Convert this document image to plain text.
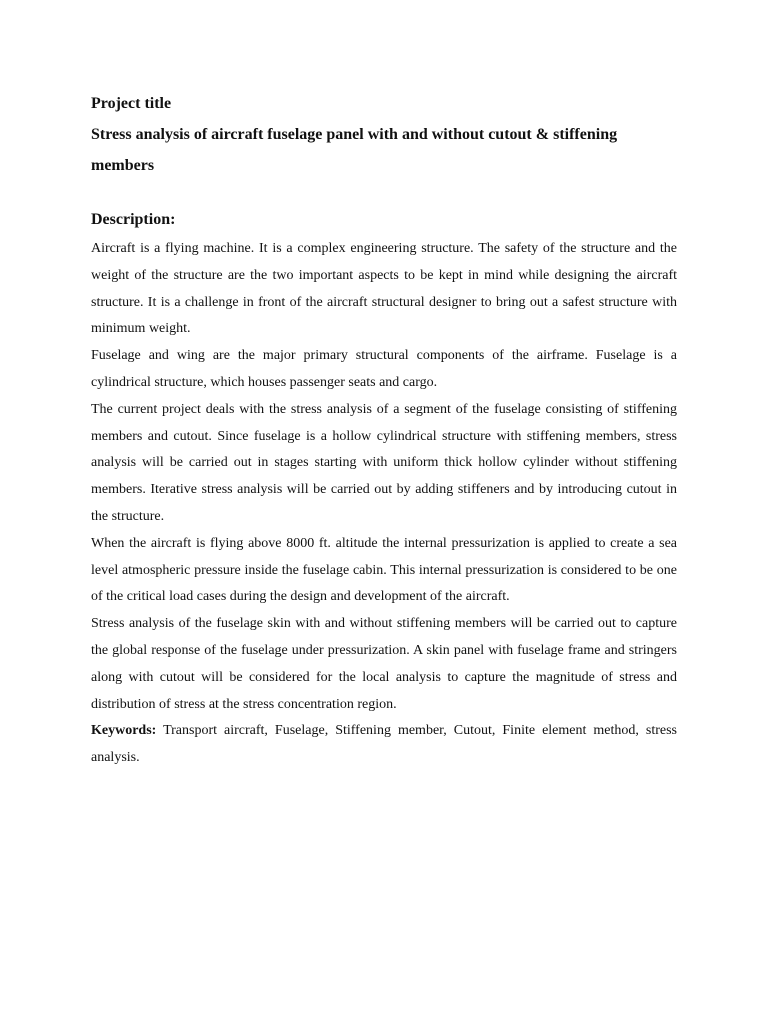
Project title

Stress analysis of aircraft fuselage panel with and without cutout & stiffening members

Description:

Aircraft is a flying machine. It is a complex engineering structure. The safety of the structure and the weight of the structure are the two important aspects to be kept in mind while designing the aircraft structure. It is a challenge in front of the aircraft structural designer to bring out a safest structure with minimum weight.

Fuselage and wing are the major primary structural components of the airframe. Fuselage is a cylindrical structure, which houses passenger seats and cargo.

The current project deals with the stress analysis of a segment of the fuselage consisting of stiffening members and cutout. Since fuselage is a hollow cylindrical structure with stiffening members, stress analysis will be carried out in stages starting with uniform thick hollow cylinder without stiffening members. Iterative stress analysis will be carried out by adding stiffeners and by introducing cutout in the structure.

When the aircraft is flying above 8000 ft. altitude the internal pressurization is applied to create a sea level atmospheric pressure inside the fuselage cabin. This internal pressurization is considered to be one of the critical load cases during the design and development of the aircraft.

Stress analysis of the fuselage skin with and without stiffening members will be carried out to capture the global response of the fuselage under pressurization. A skin panel with fuselage frame and stringers along with cutout will be considered for the local analysis to capture the magnitude of stress and distribution of stress at the stress concentration region.

Keywords: Transport aircraft, Fuselage, Stiffening member, Cutout, Finite element method, stress analysis.
